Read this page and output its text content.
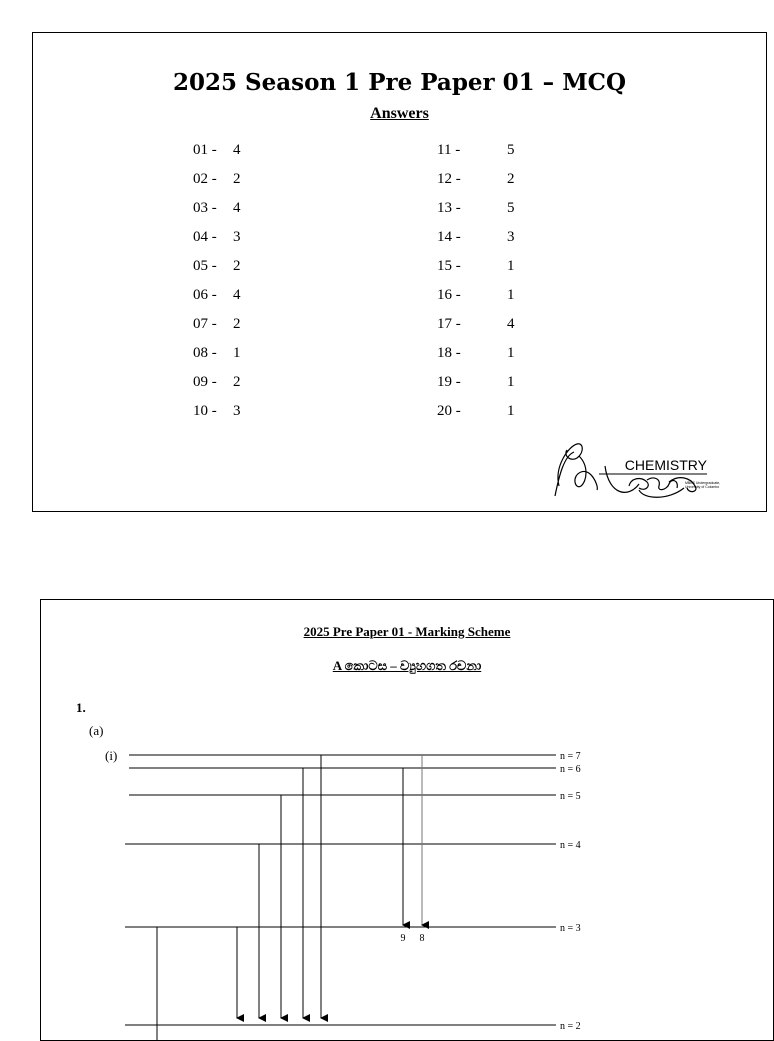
2025 Season 1 Pre Paper 01 – MCQ
Answers
01 - 4
02 - 2
03 - 4
04 - 3
05 - 2
06 - 4
07 - 2
08 - 1
09 - 2
10 - 3
11 -	5
12 -	2
13 -	5
14 -	3
15 -	1
16 -	1
17 -	4
18 -	1
19 -	1
20 -	1
CHEMISTRY
MBBS Undergraduate,
University of Colombo
2025 Pre Paper 01 - Marking Scheme
A කොටස – ව්‍යුහගත රචනා
1.
(a)
(i)	n = 7
n = 6
n = 5
n = 4
n = 3
n = 2
9 8
